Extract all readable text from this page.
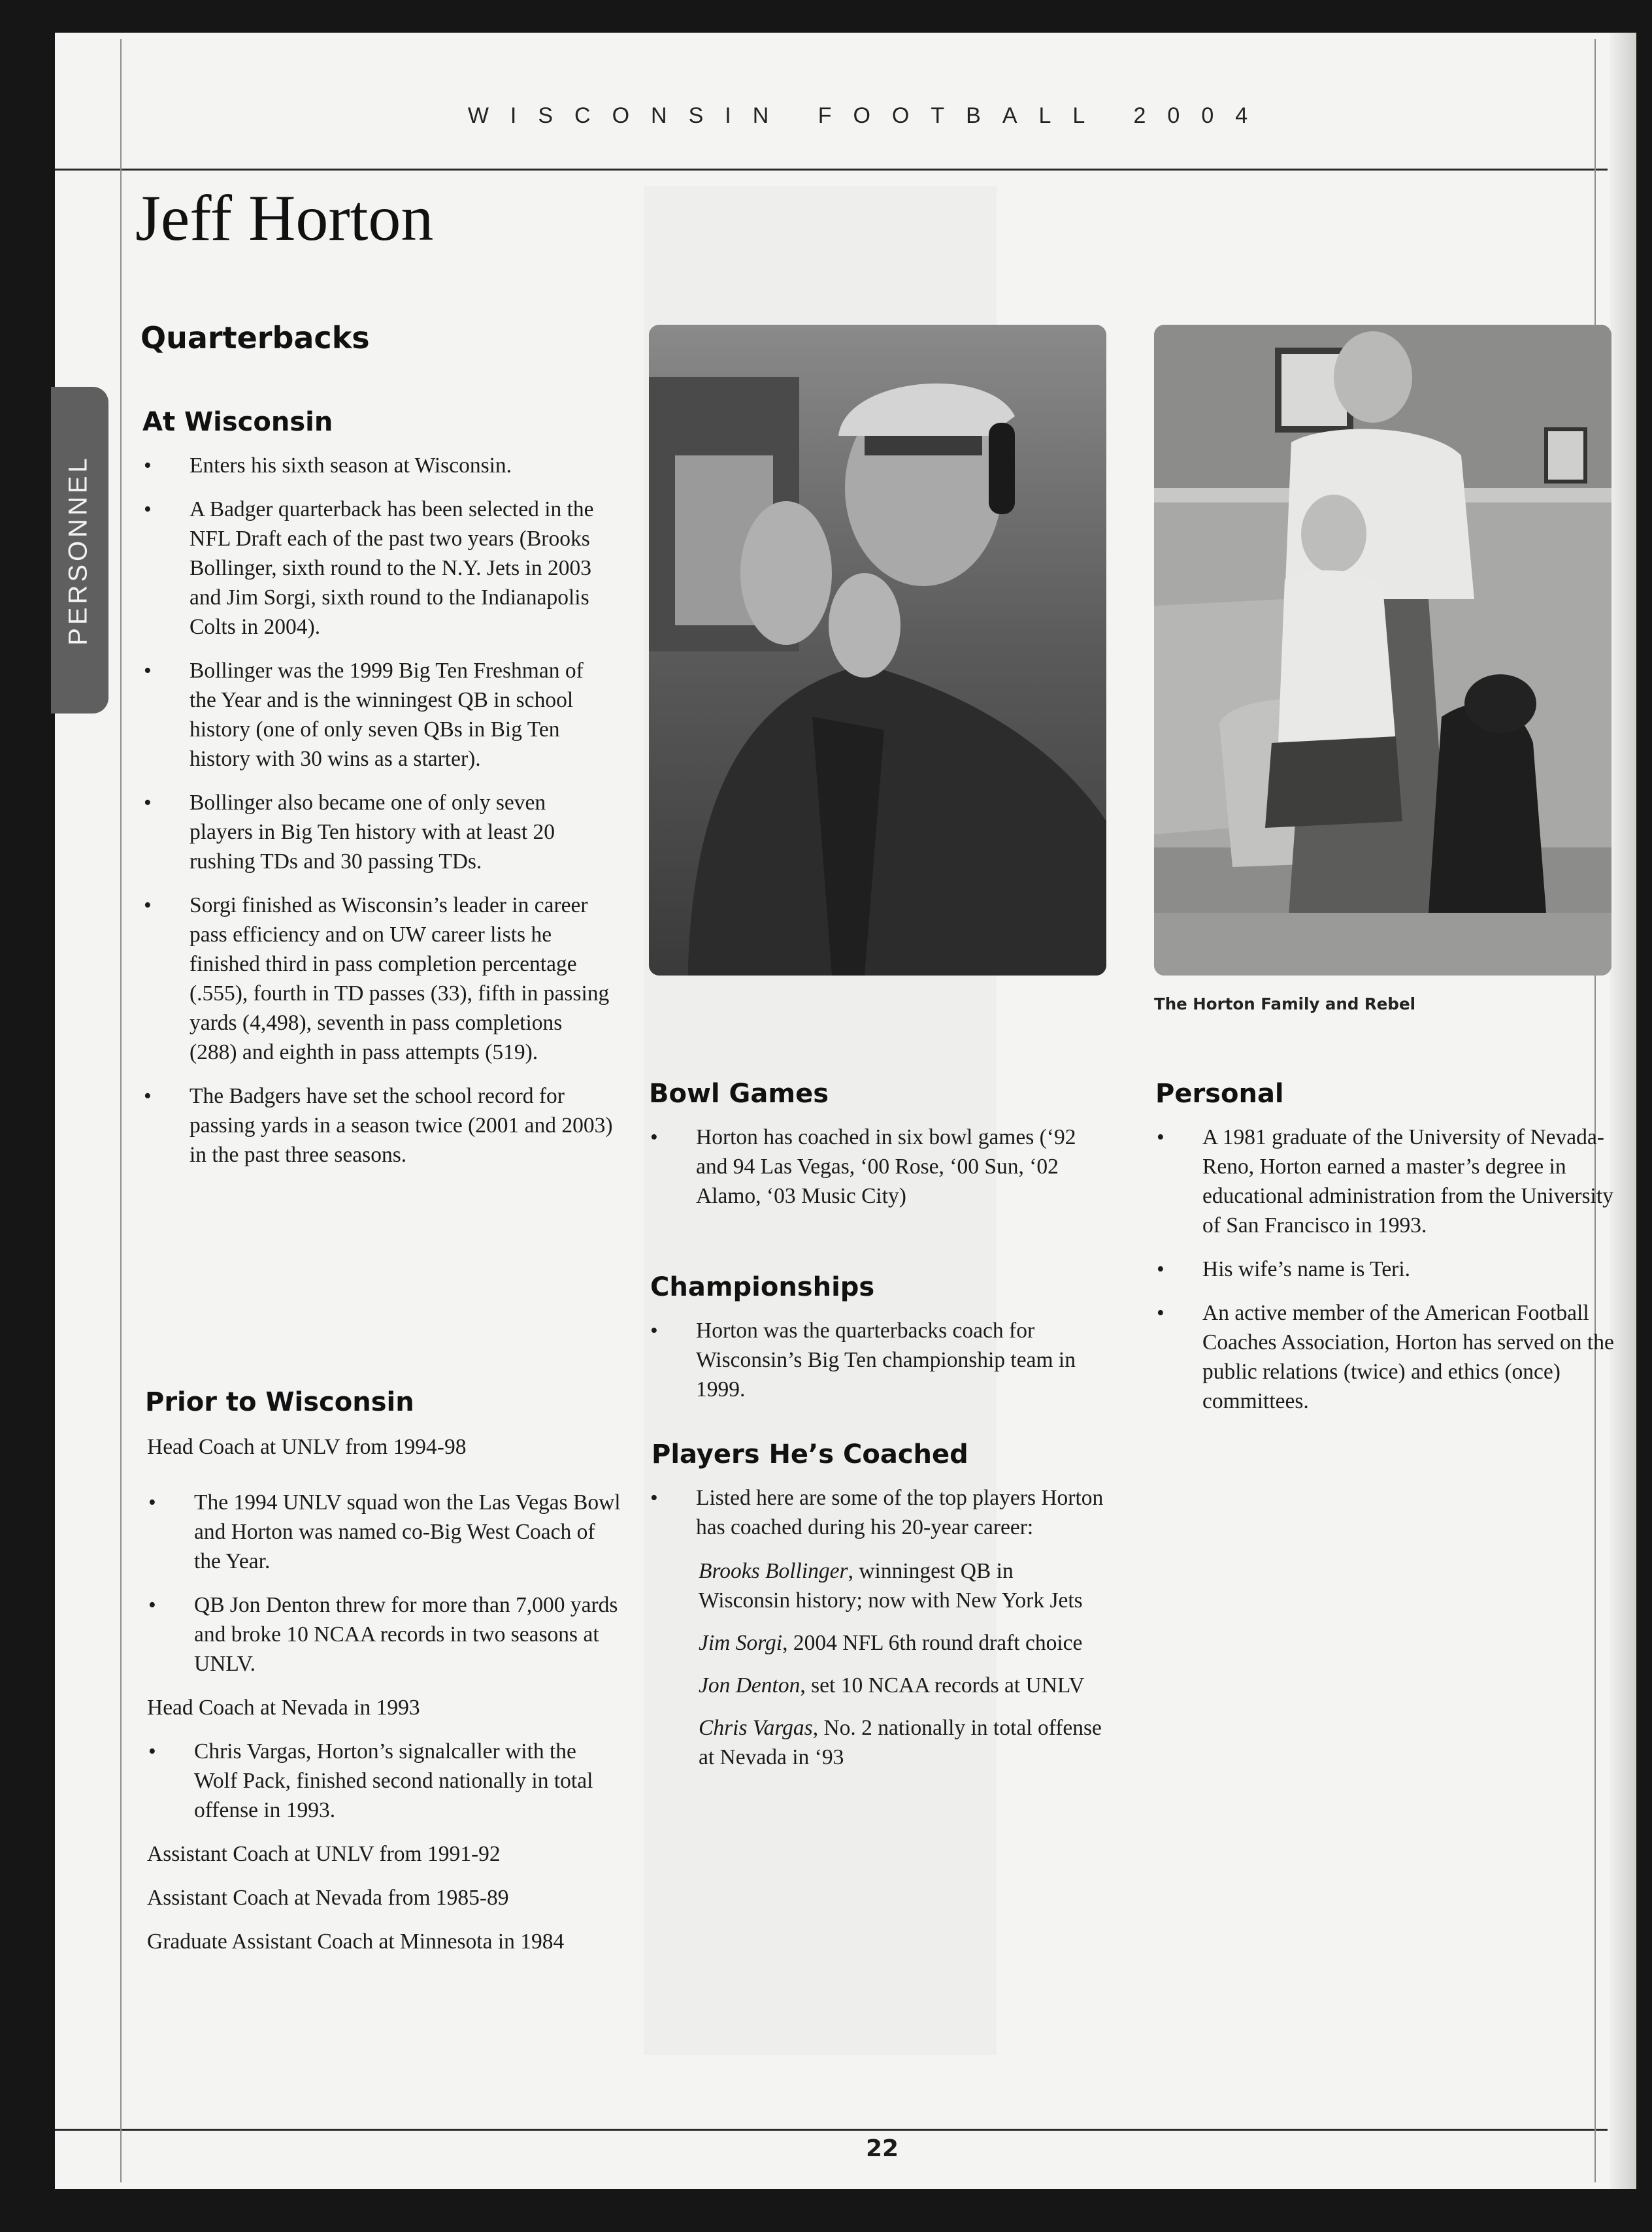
WISCONSIN FOOTBALL 2004
PERSONNEL
Jeff Horton
Quarterbacks
At Wisconsin
• Enters his sixth season at Wisconsin.
• A Badger quarterback has been selected in the NFL Draft each of the past two years (Brooks Bollinger, sixth round to the N.Y. Jets in 2003 and Jim Sorgi, sixth round to the Indianapolis Colts in 2004).
• Bollinger was the 1999 Big Ten Freshman of the Year and is the winningest QB in school history (one of only seven QBs in Big Ten history with 30 wins as a starter).
• Bollinger also became one of only seven players in Big Ten history with at least 20 rushing TDs and 30 passing TDs.
• Sorgi finished as Wisconsin’s leader in career pass efficiency and on UW career lists he finished third in pass completion percentage (.555), fourth in TD passes (33), fifth in passing yards (4,498), seventh in pass completions (288) and eighth in pass attempts (519).
• The Badgers have set the school record for passing yards in a season twice (2001 and 2003) in the past three seasons.
Prior to Wisconsin
Head Coach at UNLV from 1994-98
• The 1994 UNLV squad won the Las Vegas Bowl and Horton was named co-Big West Coach of the Year.
• QB Jon Denton threw for more than 7,000 yards and broke 10 NCAA records in two seasons at UNLV.
Head Coach at Nevada in 1993
• Chris Vargas, Horton’s signalcaller with the Wolf Pack, finished second nationally in total offense in 1993.
Assistant Coach at UNLV from 1991-92
Assistant Coach at Nevada from 1985-89
Graduate Assistant Coach at Minnesota in 1984
The Horton Family and Rebel
Bowl Games
• Horton has coached in six bowl games (‘92 and 94 Las Vegas, ‘00 Rose, ‘00 Sun, ‘02 Alamo, ‘03 Music City)
Championships
• Horton was the quarterbacks coach for Wisconsin’s Big Ten championship team in 1999.
Players He’s Coached
• Listed here are some of the top players Horton has coached during his 20-year career:
Brooks Bollinger, winningest QB in Wisconsin history; now with New York Jets
Jim Sorgi, 2004 NFL 6th round draft choice
Jon Denton, set 10 NCAA records at UNLV
Chris Vargas, No. 2 nationally in total offense at Nevada in ‘93
Personal
• A 1981 graduate of the University of Nevada-Reno, Horton earned a master’s degree in educational administration from the University of San Francisco in 1993.
• His wife’s name is Teri.
• An active member of the American Football Coaches Association, Horton has served on the public relations (twice) and ethics (once) committees.
22
